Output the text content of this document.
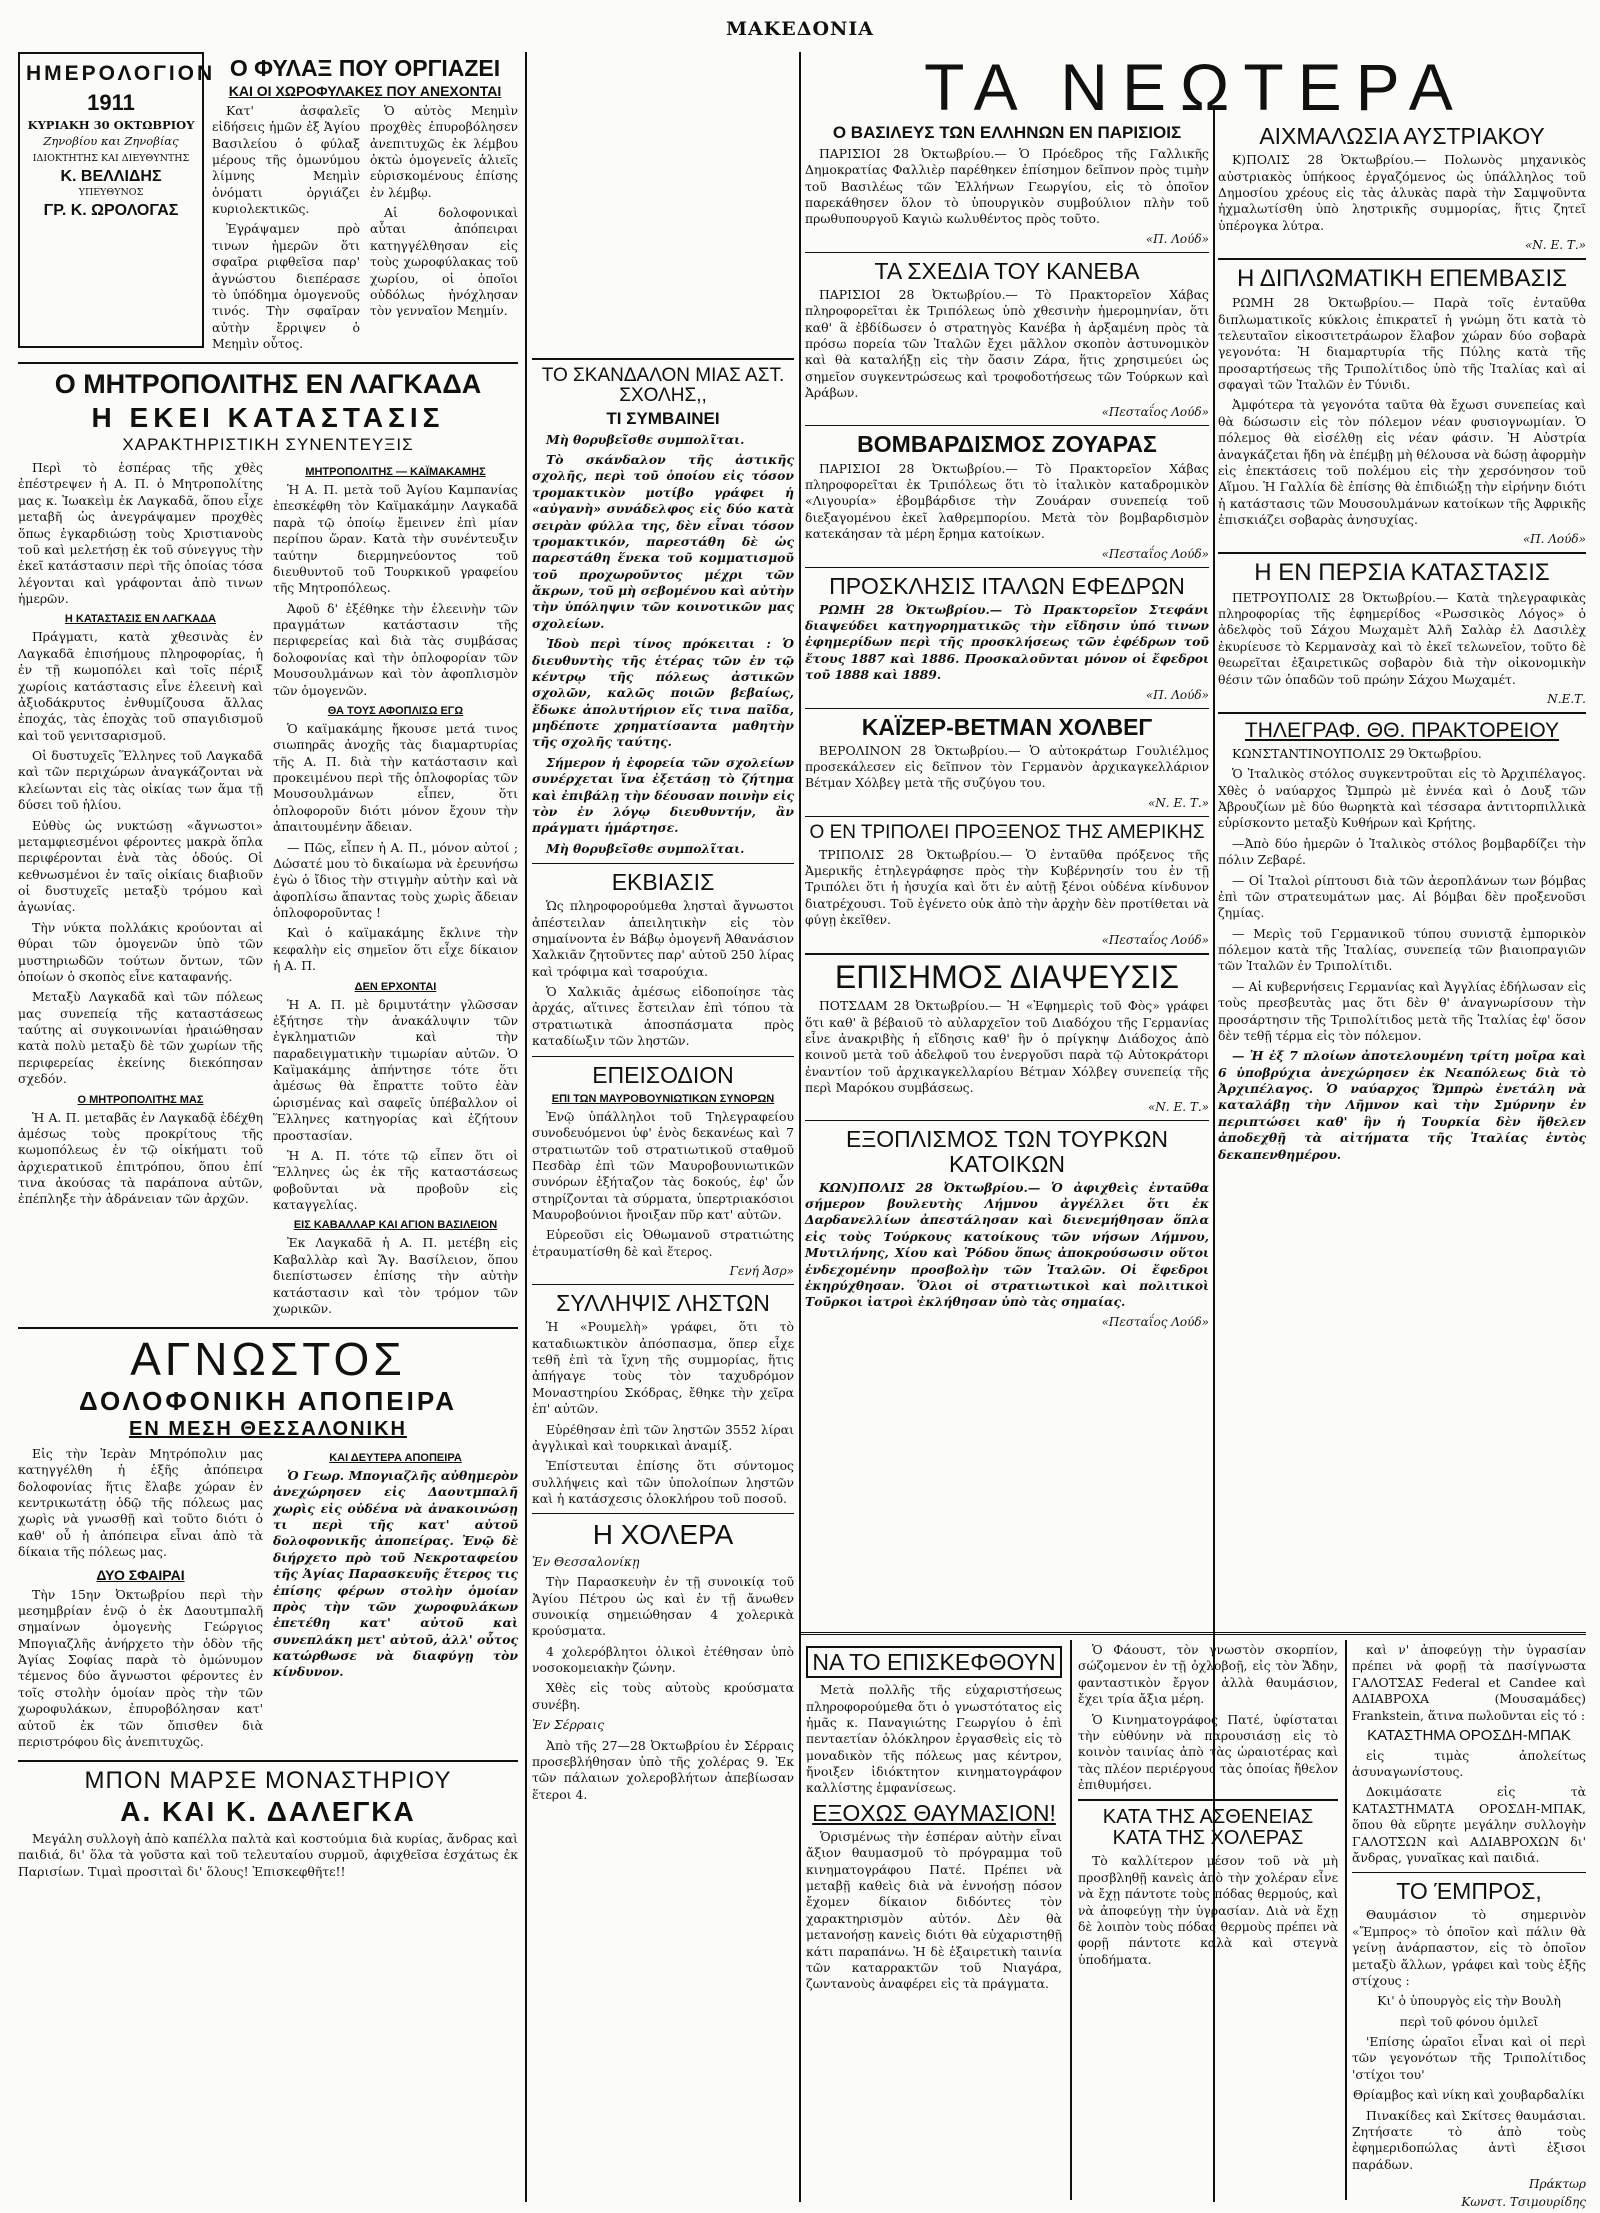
ΜΑΚΕΔΟΝΙΑ
ΗΜΕΡΟΛΟΓΙΟΝ
1911
ΚΥΡΙΑΚΗ 30 ΟΚΤΩΒΡΙΟΥ
Ζηνοβίου και Ζηνοβίας
ΙΔΙΟΚΤΗΤΗΣ ΚΑΙ ΔΙΕΥΘΥΝΤΗΣ
Κ. ΒΕΛΛΙΔΗΣ
ΥΠΕΥΘΥΝΟΣ
ΓΡ. Κ. ΩΡΟΛΟΓΑΣ
Ο ΦΥΛΑΞ ΠΟΥ ΟΡΓΙΑΖΕΙ
ΚΑΙ ΟΙ ΧΩΡΟΦΥΛΑΚΕΣ ΠΟΥ ΑΝΕΧΟΝΤΑΙ

Κατ' ἀσφαλεῖς εἰδήσεις ἡμῶν ἐξ Ἁγίου Βασιλείου ὁ φύλαξ μέρους τῆς ὁμωνύμου λίμνης Μεημὶν ὀνόματι ὀργιάζει κυριολεκτικῶς.

Ἐγράψαμεν πρὸ τινων ἡμερῶν ὅτι σφαῖρα ριφθεῖσα παρ' ἀγνώστου διεπέρασε τὸ ὑπόδημα ὁμογενοῦς τινός. Τὴν σφαῖραν αὐτὴν ἔρριψεν ὁ Μεημὶν οὗτος.

Ὁ αὐτὸς Μεημὶν προχθὲς ἐπυροβόλησεν ἀνεπιτυχῶς ἐκ λέμβου ὀκτὼ ὁμογενεῖς ἁλιεῖς εὑρισκομένους ἐπίσης ἐν λέμβῳ.

Αἱ δολοφονικαὶ αὗται ἀπόπειραι κατηγγέλθησαν εἰς τοὺς χωροφύλακας τοῦ χωρίου, οἱ ὁποῖοι οὐδόλως ἠνόχλησαν τὸν γενναῖον Μεημίν.

Ο ΜΗΤΡΟΠΟΛΙΤΗΣ ΕΝ ΛΑΓΚΑΔΑ
Η ΕΚΕΙ ΚΑΤΑΣΤΑΣΙΣ
ΧΑΡΑΚΤΗΡΙΣΤΙΚΗ ΣΥΝΕΝΤΕΥΞΙΣ

Περὶ τὸ ἑσπέρας τῆς χθὲς ἐπέστρεψεν ἡ Α. Π. ὁ Μητροπολίτης μας κ. Ἰωακεὶμ ἐκ Λαγκαδᾶ, ὅπου εἶχε μεταβῆ ὡς ἀνεγράψαμεν προχθὲς ὅπως ἐγκαρδιώσῃ τοὺς Χριστιανοὺς τοῦ καὶ μελετήσῃ ἐκ τοῦ σύνεγγυς τὴν ἐκεῖ κατάστασιν περὶ τῆς ὁποίας τόσα λέγονται καὶ γράφονται ἀπὸ τινων ἡμερῶν.

Η ΚΑΤΑΣΤΑΣΙΣ ΕΝ ΛΑΓΚΑΔΑ

Πράγματι, κατὰ χθεσινὰς ἐν Λαγκαδᾶ ἐπισήμους πληροφορίας, ἡ ἐν τῇ κωμοπόλει καὶ τοῖς πέριξ χωρίοις κατάστασις εἶνε ἐλεεινὴ καὶ ἀξιοδάκρυτος ἐνθυμίζουσα ἄλλας ἐποχάς, τὰς ἐποχὰς τοῦ σπαγιδισμοῦ καὶ τοῦ γενιτσαρισμοῦ.

Οἱ δυστυχεῖς Ἕλληνες τοῦ Λαγκαδᾶ καὶ τῶν περιχώρων ἀναγκάζονται νὰ κλείωνται εἰς τὰς οἰκίας των ἅμα τῇ δύσει τοῦ ἡλίου.

Εὐθὺς ὡς νυκτώσῃ «ἄγνωστοι» μεταμφιεσμένοι φέροντες μακρὰ ὅπλα περιφέρονται ἐνὰ τὰς ὁδούς. Οἱ κεθνωσμένοι ἐν ταῖς οἰκίαις διαβιοῦν οἱ δυστυχεῖς μεταξὺ τρόμου καὶ ἀγωνίας.

Τὴν νύκτα πολλάκις κρούονται αἱ θύραι τῶν ὁμογενῶν ὑπὸ τῶν μυστηριωδῶν τούτων ὄντων, τῶν ὁποίων ὁ σκοπὸς εἶνε καταφανής.

Μεταξὺ Λαγκαδᾶ καὶ τῶν πόλεως μας συνεπείᾳ τῆς καταστάσεως ταύτης αἱ συγκοινωνίαι ἠραιώθησαν κατὰ πολὺ μεταξὺ δὲ τῶν χωρίων τῆς περιφερείας ἐκείνης διεκόπησαν σχεδόν.

Ο ΜΗΤΡΟΠΟΛΙΤΗΣ ΜΑΣ

Ἡ Α. Π. μεταβᾶς ἐν Λαγκαδᾷ ἐδέχθη ἀμέσως τοὺς προκρίτους τῆς κωμοπόλεως ἐν τῷ οἰκήματι τοῦ ἀρχιερατικοῦ ἐπιτρόπου, ὅπου ἐπί τινα ἀκούσας τὰ παράπονα αὐτῶν, ἐπέπληξε τὴν ἀδράνειαν τῶν ἀρχῶν.

ΜΗΤΡΟΠΟΛΙΤΗΣ — ΚΑΪΜΑΚΑΜΗΣ

Ἡ Α. Π. μετὰ τοῦ Ἁγίου Καμπανίας ἐπεσκέφθη τὸν Καϊμακάμην Λαγκαδᾶ παρὰ τῷ ὁποίῳ ἔμεινεν ἐπὶ μίαν περίπου ὥραν. Κατὰ τὴν συνέντευξιν ταύτην διερμηνεύοντος τοῦ διευθυντοῦ τοῦ Τουρκικοῦ γραφείου τῆς Μητροπόλεως.

Ἀφοῦ δ' ἐξέθηκε τὴν ἐλεεινὴν τῶν πραγμάτων κατάστασιν τῆς περιφερείας καὶ διὰ τὰς συμβάσας δολοφονίας καὶ τὴν ὁπλοφορίαν τῶν Μουσουλμάνων καὶ τὸν ἀφοπλισμὸν τῶν ὁμογενῶν.

ΘΑ ΤΟΥΣ ΑΦΟΠΛΙΣΩ ΕΓΩ

Ὁ καϊμακάμης ἤκουσε μετά τινος σιωπηρᾶς ἀνοχῆς τὰς διαμαρτυρίας τῆς Α. Π. διὰ τὴν κατάστασιν καὶ προκειμένου περὶ τῆς ὁπλοφορίας τῶν Μουσουλμάνων εἶπεν, ὅτι ὁπλοφοροῦν διότι μόνον ἔχουν τὴν ἀπαιτουμένην ἄδειαν.

— Πῶς, εἶπεν ἡ Α. Π., μόνον αὐτοί ; Δώσατέ μου τὸ δικαίωμα νὰ ἐρευνήσω ἐγὼ ὁ ἴδιος τὴν στιγμὴν αὐτὴν καὶ νὰ ἀφοπλίσω ἅπαντας τοὺς χωρὶς ἄδειαν ὁπλοφοροῦντας !

Καὶ ὁ καϊμακάμης ἔκλινε τὴν κεφαλὴν εἰς σημεῖον ὅτι εἶχε δίκαιον ἡ Α. Π.

ΔΕΝ ΕΡΧΟΝΤΑΙ

Ἡ Α. Π. μὲ δριμυτάτην γλῶσσαν ἐξήτησε τὴν ἀνακάλυψιν τῶν ἐγκληματιῶν καὶ τὴν παραδειγματικὴν τιμωρίαν αὐτῶν. Ὁ Καϊμακάμης ἀπήντησε τότε ὅτι ἀμέσως θὰ ἔπραττε τοῦτο ἐὰν ὡρισμένας καὶ σαφεῖς ὑπέβαλλον οἱ Ἕλληνες κατηγορίας καὶ ἐζήτουν προστασίαν.

Ἡ Α. Π. τότε τῷ εἶπεν ὅτι οἱ Ἕλληνες ὡς ἐκ τῆς καταστάσεως φοβοῦνται νὰ προβοῦν εἰς καταγγελίας.

ΕΙΣ ΚΑΒΑΛΛΑΡ ΚΑΙ ΑΓΙΟΝ ΒΑΣΙΛΕΙΟΝ

Ἐκ Λαγκαδᾶ ἡ Α. Π. μετέβη εἰς Καβαλλὰρ καὶ Ἅγ. Βασίλειον, ὅπου διεπίστωσεν ἐπίσης τὴν αὐτὴν κατάστασιν καὶ τὸν τρόμον τῶν χωρικῶν.

ΑΓΝΩΣΤΟΣ
ΔΟΛΟΦΟΝΙΚΗ ΑΠΟΠΕΙΡΑ
ΕΝ ΜΕΣΗ ΘΕΣΣΑΛΟΝΙΚΗ

Εἰς τὴν Ἱερὰν Μητρόπολιν μας κατηγγέλθη ἡ ἑξῆς ἀπόπειρα δολοφονίας ἥτις ἔλαβε χώραν ἐν κεντρικωτάτῃ ὁδῷ τῆς πόλεως μας χωρὶς νὰ γνωσθῇ καὶ τοῦτο διότι ὁ καθ' οὗ ἡ ἀπόπειρα εἶναι ἀπὸ τὰ δίκαια τῆς πόλεως μας.

ΔΥΟ ΣΦΑΙΡΑΙ

Τὴν 15ην Ὀκτωβρίου περὶ τὴν μεσημβρίαν ἐνῷ ὁ ἐκ Δαουτμπαλῆ σημαίνων ὁμογενὴς Γεώργιος Μπογιαζλῆς ἀνήρχετο τὴν ὁδὸν τῆς Ἁγίας Σοφίας παρὰ τὸ ὁμώνυμον τέμενος δύο ἄγνωστοι φέροντες ἐν τοῖς στολὴν ὁμοίαν πρὸς τὴν τῶν χωροφυλάκων, ἐπυροβόλησαν κατ' αὐτοῦ ἐκ τῶν ὄπισθεν διὰ περιστρόφου δὶς ἀνεπιτυχῶς.

ΚΑΙ ΔΕΥΤΕΡΑ ΑΠΟΠΕΙΡΑ

Ὁ Γεωρ. Μπογιαζλῆς αὐθημερὸν ἀνεχώρησεν εἰς Δαουτμπαλῆ χωρὶς εἰς οὐδένα νὰ ἀνακοινώσῃ τι περὶ τῆς κατ' αὐτοῦ δολοφονικῆς ἀποπείρας. Ἐνῷ δὲ διήρχετο πρὸ τοῦ Νεκροταφείου τῆς Ἁγίας Παρασκευῆς ἕτερος τις ἐπίσης φέρων στολὴν ὁμοίαν πρὸς τὴν τῶν χωροφυλάκων ἐπετέθη κατ' αὐτοῦ καὶ συνεπλάκη μετ' αὐτοῦ, ἀλλ' οὗτος κατώρθωσε νὰ διαφύγῃ τὸν κίνδυνον.

ΜΠΟΝ ΜΑΡΣΕ ΜΟΝΑΣΤΗΡΙΟΥ
Α. ΚΑΙ Κ. ΔΑΛΕΓΚΑ

Μεγάλη συλλογὴ ἀπὸ καπέλλα παλτὰ καὶ κοστούμια διὰ κυρίας, ἄνδρας καὶ παιδιά, δι' ὅλα τὰ γοῦστα καὶ τοῦ τελευταίου συρμοῦ, ἀφιχθεῖσα ἐσχάτως ἐκ Παρισίων. Τιμαὶ προσιταὶ δι' ὅλους! Ἐπισκεφθῆτε!!

ΤΟ ΣΚΑΝΔΑΛΟΝ ΜΙΑΣ ΑΣΤ. ΣΧΟΛΗΣ,,
ΤΙ ΣΥΜΒΑΙΝΕΙ

Μὴ θορυβεῖσθε συμπολῖται.

Τὸ σκάνδαλον τῆς ἀστικῆς σχολῆς, περὶ τοῦ ὁποίου εἰς τόσον τρομακτικὸν μοτίβο γράφει ἡ «αὐγανὴ» συνάδελφος εἰς δύο κατὰ σειρὰν φύλλα της, δὲν εἶναι τόσον τρομακτικόν, παρεστάθη δὲ ὡς παρεστάθη ἕνεκα τοῦ κομματισμοῦ τοῦ προχωροῦντος μέχρι τῶν ἄκρων, τοῦ μὴ σεβομένου καὶ αὐτὴν τὴν ὑπόληψιν τῶν κοινοτικῶν μας σχολείων.

Ἰδοὺ περὶ τίνος πρόκειται : Ὁ διευθυντὴς τῆς ἑτέρας τῶν ἐν τῷ κέντρῳ τῆς πόλεως ἀστικῶν σχολῶν, καλῶς ποιῶν βεβαίως, ἔδωκε ἀπολυτήριον εἴς τινα παῖδα, μηδέποτε χρηματίσαντα μαθητὴν τῆς σχολῆς ταύτης.

Σήμερον ἡ ἐφορεία τῶν σχολείων συνέρχεται ἵνα ἐξετάσῃ τὸ ζήτημα καὶ ἐπιβάλῃ τὴν δέουσαν ποινὴν εἰς τὸν ἐν λόγῳ διευθυντήν, ἂν πράγματι ἡμάρτησε.

Μὴ θορυβεῖσθε συμπολῖται.

ΕΚΒΙΑΣΙΣ

Ὡς πληροφορούμεθα λησταὶ ἄγνωστοι ἀπέστειλαν ἀπειλητικὴν εἰς τὸν σημαίνοντα ἐν Βάβῳ ὁμογενῆ Ἀθανάσιον Χαλκιᾶν ζητοῦντες παρ' αὐτοῦ 250 λίρας καὶ τρόφιμα καὶ τσαρούχια.

Ὁ Χαλκιᾶς ἀμέσως εἰδοποίησε τὰς ἀρχάς, αἵτινες ἔστειλαν ἐπὶ τόπου τὰ στρατιωτικὰ ἀποσπάσματα πρὸς καταδίωξιν τῶν ληστῶν.

ΕΠΕΙΣΟΔΙΟΝ
ΕΠΙ ΤΩΝ ΜΑΥΡΟΒΟΥΝΙΩΤΙΚΩΝ ΣΥΝΟΡΩΝ

Ἐνῷ ὑπάλληλοι τοῦ Τηλεγραφείου συνοδευόμενοι ὑφ' ἑνὸς δεκανέως καὶ 7 στρατιωτῶν τοῦ στρατιωτικοῦ σταθμοῦ Πεσδὰρ ἐπὶ τῶν Μαυροβουνιωτικῶν συνόρων ἐξήταζον τὰς δοκούς, ἐφ' ὧν στηρίζονται τὰ σύρματα, ὑπερτριακόσιοι Μαυροβούνιοι ἤνοιξαν πῦρ κατ' αὐτῶν.

Εὑρεοῦσι εἰς Ὀθωμανοῦ στρατιώτης ἐτραυματίσθη δὲ καὶ ἕτερος.

Γενή Ἀσρ»

ΣΥΛΛΗΨΙΣ ΛΗΣΤΩΝ

Ἡ «Ρουμελὴ» γράφει, ὅτι τὸ καταδιωκτικὸν ἀπόσπασμα, ὅπερ εἶχε τεθῆ ἐπὶ τὰ ἴχνη τῆς συμμορίας, ἥτις ἀπήγαγε τοὺς τὸν ταχυδρόμον Μοναστηρίου Σκόδρας, ἔθηκε τὴν χεῖρα ἐπ' αὐτῶν.

Εὑρέθησαν ἐπὶ τῶν ληστῶν 3552 λίραι ἀγγλικαὶ καὶ τουρκικαὶ ἀναμίξ.

Ἐπίστευται ἐπίσης ὅτι σύντομος συλλήψεις καὶ τῶν ὑπολοίπων ληστῶν καὶ ἡ κατάσχεσις ὁλοκλήρου τοῦ ποσοῦ.

Η ΧΟΛΕΡΑ

Ἐν Θεσσαλονίκῃ

Τὴν Παρασκευὴν ἐν τῇ συνοικίᾳ τοῦ Ἁγίου Πέτρου ὡς καὶ ἐν τῇ ἄνωθεν συνοικίᾳ σημειώθησαν 4 χολερικὰ κρούσματα.

4 χολερόβλητοι ὁλικοὶ ἐτέθησαν ὑπὸ νοσοκομειακὴν ζώνην.

Χθὲς εἰς τοὺς αὐτοὺς κρούσματα συνέβη.

Ἐν Σέρραις

Ἀπὸ τῆς 27—28 Ὀκτωβρίου ἐν Σέρραις προσεβλήθησαν ὑπὸ τῆς χολέρας 9. Ἐκ τῶν πάλαιων χολεροβλήτων ἀπεβίωσαν ἕτεροι 4.

ΤΑ ΝΕΩΤΕΡΑ
Ο ΒΑΣΙΛΕΥΣ ΤΩΝ ΕΛΛΗΝΩΝ ΕΝ ΠΑΡΙΣΙΟΙΣ

ΠΑΡΙΣΙΟΙ 28 Ὀκτωβρίου.— Ὁ Πρόεδρος τῆς Γαλλικῆς Δημοκρατίας Φαλλιὲρ παρέθηκεν ἐπίσημον δεῖπνον πρὸς τιμὴν τοῦ Βασιλέως τῶν Ἑλλήνων Γεωργίου, εἰς τὸ ὁποῖον παρεκάθησεν ὅλον τὸ ὑπουργικὸν συμβούλιον πλὴν τοῦ πρωθυπουργοῦ Καγιὼ κωλυθέντος πρὸς τοῦτο.

«Π. Λούδ»

ΤΑ ΣΧΕΔΙΑ ΤΟΥ ΚΑΝΕΒΑ

ΠΑΡΙΣΙΟΙ 28 Ὀκτωβρίου.— Τὸ Πρακτορεῖον Χάβας πληροφορεῖται ἐκ Τριπόλεως ὑπὸ χθεσινὴν ἡμερομηνίαν, ὅτι καθ' ἃ ἐβδίδωσεν ὁ στρατηγὸς Κανέβα ἡ ἀρξαμένη πρὸς τὰ πρόσω πορεία τῶν Ἰταλῶν ἔχει μᾶλλον σκοπὸν ἀστυνομικὸν καὶ θὰ καταλήξῃ εἰς τὴν ὄασιν Ζάρα, ἥτις χρησιμεύει ὡς σημεῖον συγκεντρώσεως καὶ τροφοδοτήσεως τῶν Τούρκων καὶ Ἀράβων.

«Πεσταΐος Λούδ»

ΒΟΜΒΑΡΔΙΣΜΟΣ ΖΟΥΑΡΑΣ

ΠΑΡΙΣΙΟΙ 28 Ὀκτωβρίου.— Τὸ Πρακτορεῖον Χάβας πληροφορεῖται ἐκ Τριπόλεως ὅτι τὸ ἰταλικὸν καταδρομικὸν «Λιγουρία» ἐβομβάρδισε τὴν Ζουάραν συνεπείᾳ τοῦ διεξαγομένου ἐκεῖ λαθρεμπορίου. Μετὰ τὸν βομβαρδισμὸν κατεκάησαν τὰ μέρη ἔρημα κατοίκων.

«Πεσταΐος Λούδ»

ΠΡΟΣΚΛΗΣΙΣ ΙΤΑΛΩΝ ΕΦΕΔΡΩΝ

ΡΩΜΗ 28 Ὀκτωβρίου.— Τὸ Πρακτορεῖον Στεφάνι διαψεύδει κατηγορηματικῶς τὴν εἴδησιν ὑπό τινων ἐφημερίδων περὶ τῆς προσκλήσεως τῶν ἐφέδρων τοῦ ἔτους 1887 καὶ 1886. Προσκαλοῦνται μόνον οἱ ἔφεδροι τοῦ 1888 καὶ 1889.

«Π. Λούδ»

ΚΑΪΖΕΡ-ΒΕΤΜΑΝ ΧΟΛΒΕΓ

ΒΕΡΟΛΙΝΟΝ 28 Ὀκτωβρίου.— Ὁ αὐτοκράτωρ Γουλιέλμος προσεκάλεσεν εἰς δεῖπνον τὸν Γερμανὸν ἀρχικαγκελλάριον Βέτμαν Χόλβεγ μετὰ τῆς συζύγου του.

«Ν. Ε. Τ.»

Ο ΕΝ ΤΡΙΠΟΛΕΙ ΠΡΟΞΕΝΟΣ ΤΗΣ ΑΜΕΡΙΚΗΣ

ΤΡΙΠΟΛΙΣ 28 Ὀκτωβρίου.— Ὁ ἐνταῦθα πρόξενος τῆς Ἀμερικῆς ἐτηλεγράφησε πρὸς τὴν Κυβέρνησίν του ἐν τῇ Τριπόλει ὅτι ἡ ἡσυχία καὶ ὅτι ἐν αὐτῇ ξένοι οὐδένα κίνδυνον διατρέχουσι. Τοῦ ἐγένετο οὐκ ἀπὸ τὴν ἀρχὴν δὲν προτίθεται νὰ φύγῃ ἐκεῖθεν.

«Πεσταΐος Λούδ»

ΕΠΙΣΗΜΟΣ ΔΙΑΨΕΥΣΙΣ

ΠΟΤΣΔΑΜ 28 Ὀκτωβρίου.— Ἡ «Ἐφημερὶς τοῦ Φὸς» γράφει ὅτι καθ' ἃ βέβαιοῦ τὸ αὐλαρχεῖον τοῦ Διαδόχου τῆς Γερμανίας εἶνε ἀνακριβὴς ἡ εἴδησις καθ' ἣν ὁ πρίγκηψ Διάδοχος ἀπὸ κοινοῦ μετὰ τοῦ ἀδελφοῦ του ἐνεργοῦσι παρὰ τῷ Αὐτοκράτορι ἐναντίον τοῦ ἀρχικαγκελλαρίου Βέτμαν Χόλβεγ συνεπείᾳ τῆς περὶ Μαρόκου συμβάσεως.

«Ν. Ε. Τ.»

ΕΞΟΠΛΙΣΜΟΣ ΤΩΝ ΤΟΥΡΚΩΝ ΚΑΤΟΙΚΩΝ

ΚΩΝ)ΠΟΛΙΣ 28 Ὀκτωβρίου.— Ὁ ἀφιχθεὶς ἐνταῦθα σήμερον βουλευτὴς Λήμνου ἀγγέλλει ὅτι ἐκ Δαρδανελλίων ἀπεστάλησαν καὶ διενεμήθησαν ὅπλα εἰς τοὺς Τούρκους κατοίκους τῶν νήσων Λήμνου, Μυτιλήνης, Χίου καὶ Ῥόδου ὅπως ἀποκρούσωσιν οὕτοι ἐνδεχομένην προσβολὴν τῶν Ἰταλῶν. Οἱ ἔφεδροι ἐκηρύχθησαν. Ὅλοι οἱ στρατιωτικοὶ καὶ πολιτικοὶ Τοῦρκοι ἰατροὶ ἐκλήθησαν ὑπὸ τὰς σημαίας.

«Πεσταΐος Λούδ»

ΑΙΧΜΑΛΩΣΙΑ ΑΥΣΤΡΙΑΚΟΥ

Κ)ΠΟΛΙΣ 28 Ὀκτωβρίου.— Πολωνὸς μηχανικὸς αὐστριακὸς ὑπήκοος ἐργαζόμενος ὡς ὑπάλληλος τοῦ Δημοσίου χρέους εἰς τὰς ἁλυκὰς παρὰ τὴν Σαμψοῦντα ἠχμαλωτίσθη ὑπὸ ληστρικῆς συμμορίας, ἥτις ζητεῖ ὑπέρογκα λύτρα.

«Ν. Ε. Τ.»

Η ΔΙΠΛΩΜΑΤΙΚΗ ΕΠΕΜΒΑΣΙΣ

ΡΩΜΗ 28 Ὀκτωβρίου.— Παρὰ τοῖς ἐνταῦθα διπλωματικοῖς κύκλοις ἐπικρατεῖ ἡ γνώμη ὅτι κατὰ τὸ τελευταῖον εἰκοσιτετράωρον ἔλαβον χώραν δύο σοβαρὰ γεγονότα: Ἡ διαμαρτυρία τῆς Πύλης κατὰ τῆς προσαρτήσεως τῆς Τριπολίτιδος ὑπὸ τῆς Ἰταλίας καὶ αἱ σφαγαὶ τῶν Ἰταλῶν ἐν Τύνιδι.

Ἀμφότερα τὰ γεγονότα ταῦτα θὰ ἔχωσι συνεπείας καὶ θὰ δώσωσιν εἰς τὸν πόλεμον νέαν φυσιογνωμίαν. Ὁ πόλεμος θὰ εἰσέλθῃ εἰς νέαν φάσιν. Ἡ Αὐστρία ἀναγκάζεται ἤδη νὰ ἐπέμβῃ μὴ θέλουσα νὰ δώσῃ ἀφορμὴν εἰς ἐπεκτάσεις τοῦ πολέμου εἰς τὴν χερσόνησον τοῦ Αἵμου. Ἡ Γαλλία δὲ ἐπίσης θὰ ἐπιδιώξῃ τὴν εἰρήνην διότι ἡ κατάστασις τῶν Μουσουλμάνων κατοίκων τῆς Ἀφρικῆς ἐπισκιάζει σοβαρὰς ἀνησυχίας.

«Π. Λούδ»

Η ΕΝ ΠΕΡΣΙΑ ΚΑΤΑΣΤΑΣΙΣ

ΠΕΤΡΟΥΠΟΛΙΣ 28 Ὀκτωβρίου.— Κατὰ τηλεγραφικὰς πληροφορίας τῆς ἐφημερίδος «Ρωσσικὸς Λόγος» ὁ ἀδελφὸς τοῦ Σάχου Μωχαμὲτ Ἀλῆ Σαλὰρ ἐλ Δασιλὲχ ἐκυρίευσε τὸ Κερμανσὰχ καὶ τὸ ἐκεῖ τελωνεῖον, τοῦτο δὲ θεωρεῖται ἐξαιρετικῶς σοβαρὸν διὰ τὴν οἰκονομικὴν θέσιν τῶν ὁπαδῶν τοῦ πρώην Σάχου Μωχαμέτ.

Ν.Ε.Τ.

ΤΗΛΕΓΡΑΦ. ΘΘ. ΠΡΑΚΤΟΡΕΙΟΥ

ΚΩΝΣΤΑΝΤΙΝΟΥΠΟΛΙΣ 29 Ὀκτωβρίου.

Ὁ Ἰταλικὸς στόλος συγκεντροῦται εἰς τὸ Ἀρχιπέλαγος. Χθὲς ὁ ναύαρχος Ὤμπρὼ μὲ ἐννέα καὶ ὁ Δουξ τῶν Ἀβρουζίων μὲ δύο θωρηκτὰ καὶ τέσσαρα ἀντιτορπιλλικὰ εὑρίσκοντο μεταξὺ Κυθήρων καὶ Κρήτης.

—Ἀπὸ δύο ἡμερῶν ὁ Ἰταλικὸς στόλος βομβαρδίζει τὴν πόλιν Ζεβαρέ.

— Οἱ Ἰταλοὶ ρίπτουσι διὰ τῶν ἀεροπλάνων των βόμβας ἐπὶ τῶν στρατευμάτων μας. Αἱ βόμβαι δὲν προξενοῦσι ζημίας.

— Μερὶς τοῦ Γερμανικοῦ τύπου συνιστᾷ ἐμπορικὸν πόλεμον κατὰ τῆς Ἰταλίας, συνεπείᾳ τῶν βιαιοπραγιῶν τῶν Ἰταλῶν ἐν Τριπολίτιδι.

— Αἱ κυβερνήσεις Γερμανίας καὶ Ἀγγλίας ἐδήλωσαν εἰς τοὺς πρεσβευτὰς μας ὅτι δὲν θ' ἀναγνωρίσουν τὴν προσάρτησιν τῆς Τριπολίτιδος μετὰ τῆς Ἰταλίας ἐφ' ὅσον δὲν τεθῇ τέρμα εἰς τὸν πόλεμον.

— Ἡ ἐξ 7 πλοίων ἀποτελουμένη τρίτη μοῖρα καὶ 6 ὑποβρύχια ἀνεχώρησεν ἐκ Νεαπόλεως διὰ τὸ Ἀρχιπέλαγος. Ὁ ναύαρχος Ὤμπρὼ ἐνετάλη νὰ καταλάβῃ τὴν Λῆμνον καὶ τὴν Σμύρνην ἐν περιπτώσει καθ' ἣν ἡ Τουρκία δὲν ἤθελεν ἀποδεχθῇ τὰ αἰτήματα τῆς Ἰταλίας ἐντὸς δεκαπενθημέρου.

ΝΑ ΤΟ ΕΠΙΣΚΕΦΘΟΥΝ

Μετὰ πολλῆς τῆς εὐχαριστήσεως πληροφορούμεθα ὅτι ὁ γνωστότατος εἰς ἡμᾶς κ. Παναγιώτης Γεωργίου ὁ ἐπὶ πενταετίαν ὁλόκληρον ἐργασθεὶς εἰς τὸ μοναδικὸν τῆς πόλεως μας κέντρον, ἤνοιξεν ἰδιόκτητον κινηματογράφον καλλίστης ἐμφανίσεως.

ΕΞΟΧΩΣ ΘΑΥΜΑΣΙΟΝ!

Ὁρισμένως τὴν ἑσπέραν αὐτὴν εἶναι ἄξιον θαυμασμοῦ τὸ πρόγραμμα τοῦ κινηματογράφου Πατέ. Πρέπει νὰ μεταβῇ καθεὶς διὰ νὰ ἐννοήσῃ πόσον ἔχομεν δίκαιον διδόντες τὸν χαρακτηρισμὸν αὐτόν. Δὲν θὰ μετανοήσῃ κανεὶς διότι θὰ εὐχαριστηθῇ κάτι παραπάνω. Ἡ δὲ ἑξαιρετικὴ ταινία τῶν καταρρακτῶν τοῦ Νιαγάρα, ζωντανοὺς ἀναφέρει εἰς τὰ πράγματα.

Ὁ Φάουστ, τὸν γνωστὸν σκορπίον, σώζομενον ἐν τῇ ὀχλοβοῇ, εἰς τὸν Ἄδην, φανταστικὸν ἔργον ἀλλὰ θαυμάσιον, ἔχει τρία ἄξια μέρη.

Ὁ Κινηματογράφος Πατέ, ὑφίσταται τὴν εὐθύνην νὰ παρουσιάσῃ εἰς τὸ κοινὸν ταινίας ἀπὸ τὰς ὡραιοτέρας καὶ τὰς πλέον περιέργους τὰς ὁποίας ἤθελον ἐπιθυμήσει.

ΚΑΤΑ ΤΗΣ ΑΣΘΕΝΕΙΑΣ ΚΑΤΑ ΤΗΣ ΧΟΛΕΡΑΣ

Τὸ καλλίτερον μέσον τοῦ νὰ μὴ προσβληθῇ κανεὶς ἀπὸ τὴν χολέραν εἶνε νὰ ἔχῃ πάντοτε τοὺς πόδας θερμούς, καὶ νὰ ἀποφεύγῃ τὴν ὑγρασίαν. Διὰ νὰ ἔχῃ δὲ λοιπὸν τοὺς πόδας θερμοὺς πρέπει νὰ φορῇ πάντοτε καλὰ καὶ στεγνὰ ὑποδήματα.

καὶ ν' ἀποφεύγῃ τὴν ὑγρασίαν πρέπει νὰ φορῇ τὰ πασίγνωστα ΓΑΛΟΤΣΑΣ Federal et Candee καὶ ΑΔΙΑΒΡΟΧΑ (Μουσαμάδες) Frankstein, ἅτινα πωλοῦνται εἰς τό :

ΚΑΤΑΣΤΗΜΑ ΟΡΟΣΔΗ-ΜΠΑΚ

εἰς τιμὰς ἀπολείτως ἀσυναγωνίστους.

Δοκιμάσατε εἰς τὰ ΚΑΤΑΣΤΗΜΑΤΑ ΟΡΟΣΔΗ-ΜΠΑΚ, ὅπου θὰ εὕρητε μεγάλην συλλογὴν ΓΑΛΟΤΣΩΝ καὶ ΑΔΙΑΒΡΟΧΩΝ δι' ἄνδρας, γυναῖκας καὶ παιδιά.

ΤΟ ΈΜΠΡΟΣ,

Θαυμάσιον τὸ σημερινὸν «Ἔμπρος» τὸ ὁποῖον καὶ πάλιν θὰ γείνῃ ἀνάρπαστον, εἰς τὸ ὁποῖον μεταξὺ ἄλλων, γράφει καὶ τοὺς ἑξῆς στίχους :

Κι' ὁ ὑπουργὸς εἰς τὴν Βουλὴ

περὶ τοῦ φόνου ὁμιλεῖ

'Επίσης ὡραῖοι εἶναι καὶ οἱ περὶ τῶν γεγονότων τῆς Τριπολίτιδος 'στίχοι του'

Θρίαμβος καὶ νίκη καὶ χουβαρδαλίκι

Πινακίδες καὶ Σκίτσες θαυμάσιαι. Ζητήσατε τὸ ἀπὸ τοὺς ἐφημεριδοπώλας ἀντὶ ἑξισοι παράδων.

Πράκτωρ

Κωνστ. Τσιμουρίδης
